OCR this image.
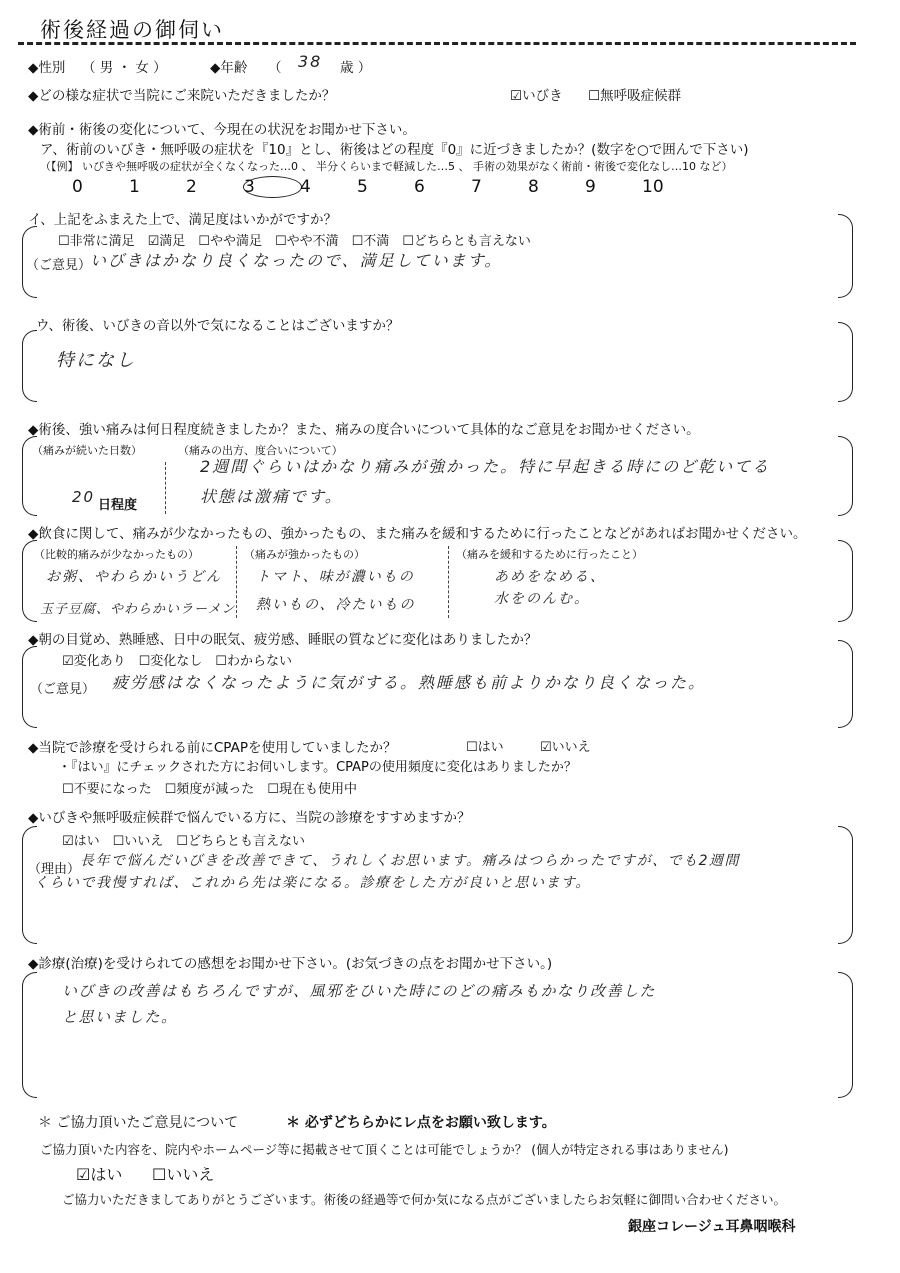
術後経過の御伺い
◆性別 （ 男 ・ 女 ）	◆年齢 （ 38 歳 ）
◆どの様な症状で当院にご来院いただきましたか？	☑いびき ☐無呼吸症候群
◆術前・術後の変化について、今現在の状況をお聞かせ下さい。
ア、術前のいびき・無呼吸の症状を『10』とし、術後はどの程度『0』に近づきましたか？(数字を○で囲んで下さい)
（【例】 いびきや無呼吸の症状が全くなくなった…0 、 半分くらいまで軽減した…5 、 手術の効果がなく術前・術後で変化なし…10 など）
0	1	2	3	4	5	6	7	8	9	10
イ、上記をふまえた上で、満足度はいかがですか？
☐非常に満足　☑満足　☐やや満足　☐やや不満　☐不満　☐どちらとも言えない
（ご意見）
いびきはかなり良くなったので、満足しています。
ウ、術後、いびきの音以外で気になることはございますか？
特になし
◆術後、強い痛みは何日程度続きましたか？また、痛みの度合いについて具体的なご意見をお聞かせください。
（痛みが続いた日数）
20 日程度
（痛みの出方、度合いについて）
2週間ぐらいはかなり痛みが強かった。特に早起きる時にのど乾いてる
状態は激痛です。
◆飲食に関して、痛みが少なかったもの、強かったもの、また痛みを緩和するために行ったことなどがあればお聞かせください。
（比較的痛みが少なかったもの）
お粥、やわらかいうどん
玉子豆腐、やわらかいラーメン
（痛みが強かったもの）
トマト、味が濃いもの
熱いもの、冷たいもの
（痛みを緩和するために行ったこと）
あめをなめる、
水をのんむ。
◆朝の目覚め、熟睡感、日中の眠気、疲労感、睡眠の質などに変化はありましたか？
☑変化あり　☐変化なし　☐わからない
（ご意見） 疲労感はなくなったように気がする。熟睡感も前よりかなり良くなった。
◆当院で診療を受けられる前にCPAPを使用していましたか？	☐はい	☑いいえ
・『はい』にチェックされた方にお伺いします。CPAPの使用頻度に変化はありましたか？
☐不要になった　☐頻度が減った　☐現在も使用中
◆いびきや無呼吸症候群で悩んでいる方に、当院の診療をすすめますか？
☑はい　☐いいえ　☐どちらとも言えない
（理由）
長年で悩んだいびきを改善できて、うれしくお思います。痛みはつらかったですが、でも2週間
くらいで我慢すれば、これから先は楽になる。診療をした方が良いと思います。
◆診療(治療)を受けられての感想をお聞かせ下さい。(お気づきの点をお聞かせ下さい。)
いびきの改善はもちろんですが、風邪をひいた時にのどの痛みもかなり改善した
と思いました。
＊ ご協力頂いたご意見について	＊ 必ずどちらかにレ点をお願い致します。
ご協力頂いた内容を、院内やホームページ等に掲載させて頂くことは可能でしょうか？ (個人が特定される事はありません)
☑はい ☐いいえ
ご協力いただきましてありがとうございます。術後の経過等で何か気になる点がございましたらお気軽に御問い合わせください。
銀座コレージュ耳鼻咽喉科
